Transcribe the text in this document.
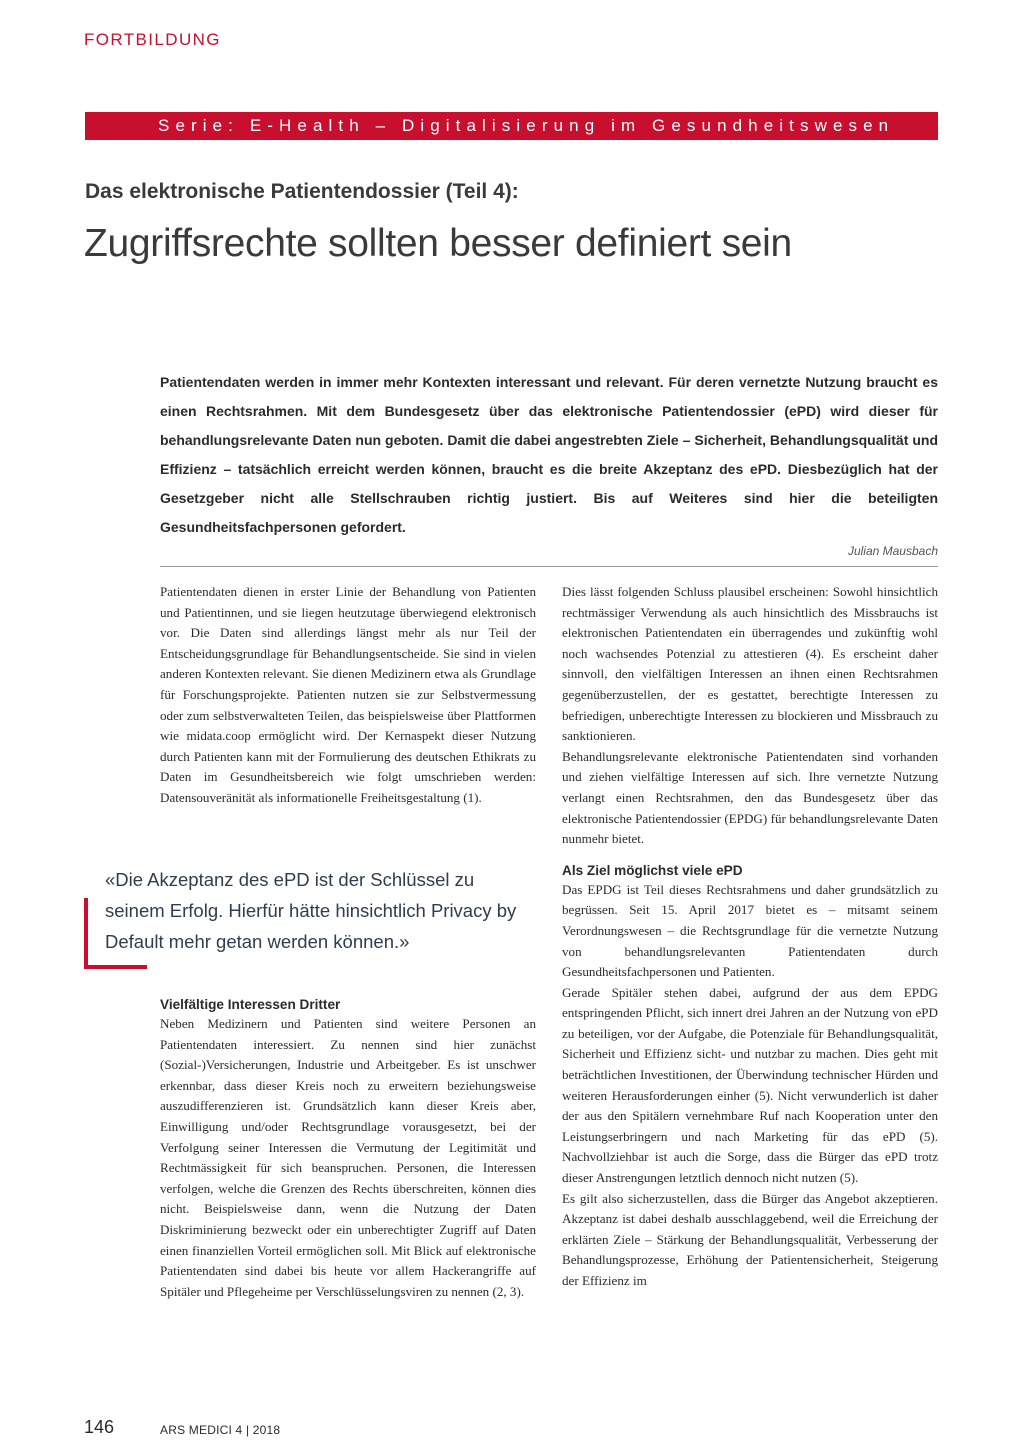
FORTBILDUNG
Serie: E-Health – Digitalisierung im Gesundheitswesen
Das elektronische Patientendossier (Teil 4):
Zugriffsrechte sollten besser definiert sein
Patientendaten werden in immer mehr Kontexten interessant und relevant. Für deren vernetzte Nutzung braucht es einen Rechtsrahmen. Mit dem Bundesgesetz über das elektronische Patientendossier (ePD) wird dieser für behandlungsrelevante Daten nun geboten. Damit die dabei angestrebten Ziele – Sicherheit, Behandlungsqualität und Effizienz – tatsächlich erreicht werden können, braucht es die breite Akzeptanz des ePD. Diesbezüglich hat der Gesetzgeber nicht alle Stellschrauben richtig justiert. Bis auf Weiteres sind hier die beteiligten Gesundheitsfachpersonen gefordert.
Julian Mausbach

Patientendaten dienen in erster Linie der Behandlung von Patienten und Patientinnen, und sie liegen heutzutage überwiegend elektronisch vor. Die Daten sind allerdings längst mehr als nur Teil der Entscheidungsgrundlage für Behandlungsentscheide. Sie sind in vielen anderen Kontexten relevant. Sie dienen Medizinern etwa als Grundlage für Forschungsprojekte. Patienten nutzen sie zur Selbstvermessung oder zum selbstverwalteten Teilen, das beispielsweise über Plattformen wie midata.coop ermöglicht wird. Der Kernaspekt dieser Nutzung durch Patienten kann mit der Formulierung des deutschen Ethikrats zu Daten im Gesundheitsbereich wie folgt umschrieben werden: Datensouveränität als informationelle Freiheitsgestaltung (1).

«Die Akzeptanz des ePD ist der Schlüssel zu seinem Erfolg. Hierfür hätte hinsichtlich Privacy by Default mehr getan werden können.»
Vielfältige Interessen Dritter

Neben Medizinern und Patienten sind weitere Personen an Patientendaten interessiert. Zu nennen sind hier zunächst (Sozial-)Versicherungen, Industrie und Arbeitgeber. Es ist unschwer erkennbar, dass dieser Kreis noch zu erweitern beziehungsweise auszudifferenzieren ist. Grundsätzlich kann dieser Kreis aber, Einwilligung und/oder Rechtsgrundlage vorausgesetzt, bei der Verfolgung seiner Interessen die Vermutung der Legitimität und Rechtmässigkeit für sich beanspruchen. Personen, die Interessen verfolgen, welche die Grenzen des Rechts überschreiten, können dies nicht. Beispielsweise dann, wenn die Nutzung der Daten Diskriminierung bezweckt oder ein unberechtigter Zugriff auf Daten einen finanziellen Vorteil ermöglichen soll. Mit Blick auf elektronische Patientendaten sind dabei bis heute vor allem Hackerangriffe auf Spitäler und Pflegeheime per Verschlüsselungsviren zu nennen (2, 3).

Dies lässt folgenden Schluss plausibel erscheinen: Sowohl hinsichtlich rechtmässiger Verwendung als auch hinsichtlich des Missbrauchs ist elektronischen Patientendaten ein überragendes und zukünftig wohl noch wachsendes Potenzial zu attestieren (4). Es erscheint daher sinnvoll, den vielfältigen Interessen an ihnen einen Rechtsrahmen gegenüberzustellen, der es gestattet, berechtigte Interessen zu befriedigen, unberechtigte Interessen zu blockieren und Missbrauch zu sanktionieren.

Behandlungsrelevante elektronische Patientendaten sind vorhanden und ziehen vielfältige Interessen auf sich. Ihre vernetzte Nutzung verlangt einen Rechtsrahmen, den das Bundesgesetz über das elektronische Patientendossier (EPDG) für behandlungsrelevante Daten nunmehr bietet.

Als Ziel möglichst viele ePD

Das EPDG ist Teil dieses Rechtsrahmens und daher grundsätzlich zu begrüssen. Seit 15. April 2017 bietet es – mitsamt seinem Verordnungswesen – die Rechtsgrundlage für die vernetzte Nutzung von behandlungsrelevanten Patientendaten durch Gesundheitsfachpersonen und Patienten.

Gerade Spitäler stehen dabei, aufgrund der aus dem EPDG entspringenden Pflicht, sich innert drei Jahren an der Nutzung von ePD zu beteiligen, vor der Aufgabe, die Potenziale für Behandlungsqualität, Sicherheit und Effizienz sicht- und nutzbar zu machen. Dies geht mit beträchtlichen Investitionen, der Überwindung technischer Hürden und weiteren Herausforderungen einher (5). Nicht verwunderlich ist daher der aus den Spitälern vernehmbare Ruf nach Kooperation unter den Leistungserbringern und nach Marketing für das ePD (5). Nachvollziehbar ist auch die Sorge, dass die Bürger das ePD trotz dieser Anstrengungen letztlich dennoch nicht nutzen (5).

Es gilt also sicherzustellen, dass die Bürger das Angebot akzeptieren. Akzeptanz ist dabei deshalb ausschlaggebend, weil die Erreichung der erklärten Ziele – Stärkung der Behandlungsqualität, Verbesserung der Behandlungsprozesse, Erhöhung der Patientensicherheit, Steigerung der Effizienz im

146	ARS MEDICI 4 | 2018
